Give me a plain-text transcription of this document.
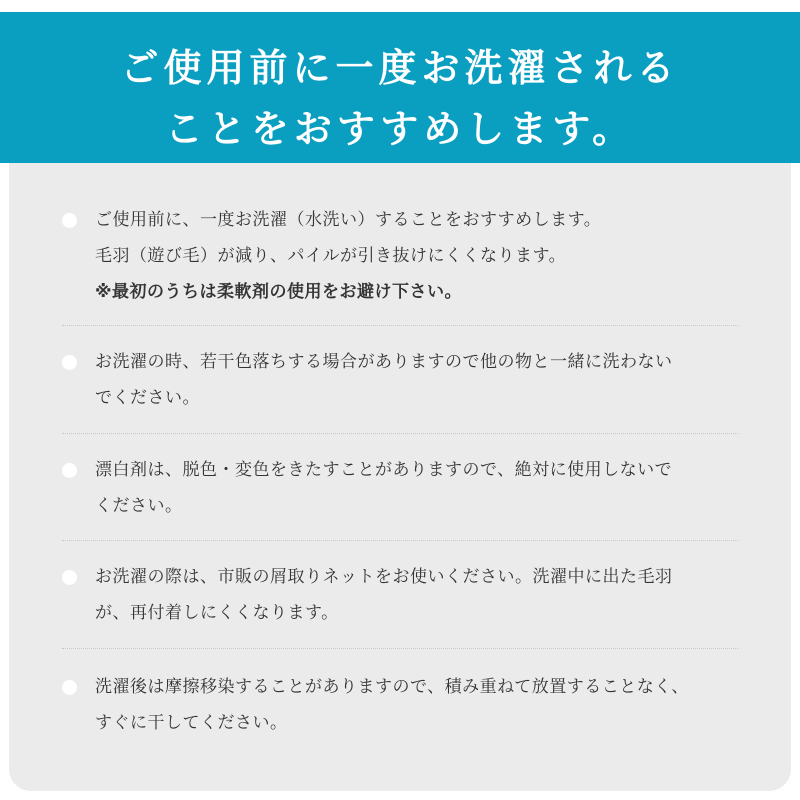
ご使用前に一度お洗濯される
ことをおすすめします。
ご使用前に、一度お洗濯（水洗い）することをおすすめします。
毛羽（遊び毛）が減り、パイルが引き抜けにくくなります。
※最初のうちは柔軟剤の使用をお避け下さい。
お洗濯の時、若干色落ちする場合がありますので他の物と一緒に洗わない
でください。
漂白剤は、脱色・変色をきたすことがありますので、絶対に使用しないで
ください。
お洗濯の際は、市販の屑取りネットをお使いください。洗濯中に出た毛羽
が、再付着しにくくなります。
洗濯後は摩擦移染することがありますので、積み重ねて放置することなく、
すぐに干してください。
